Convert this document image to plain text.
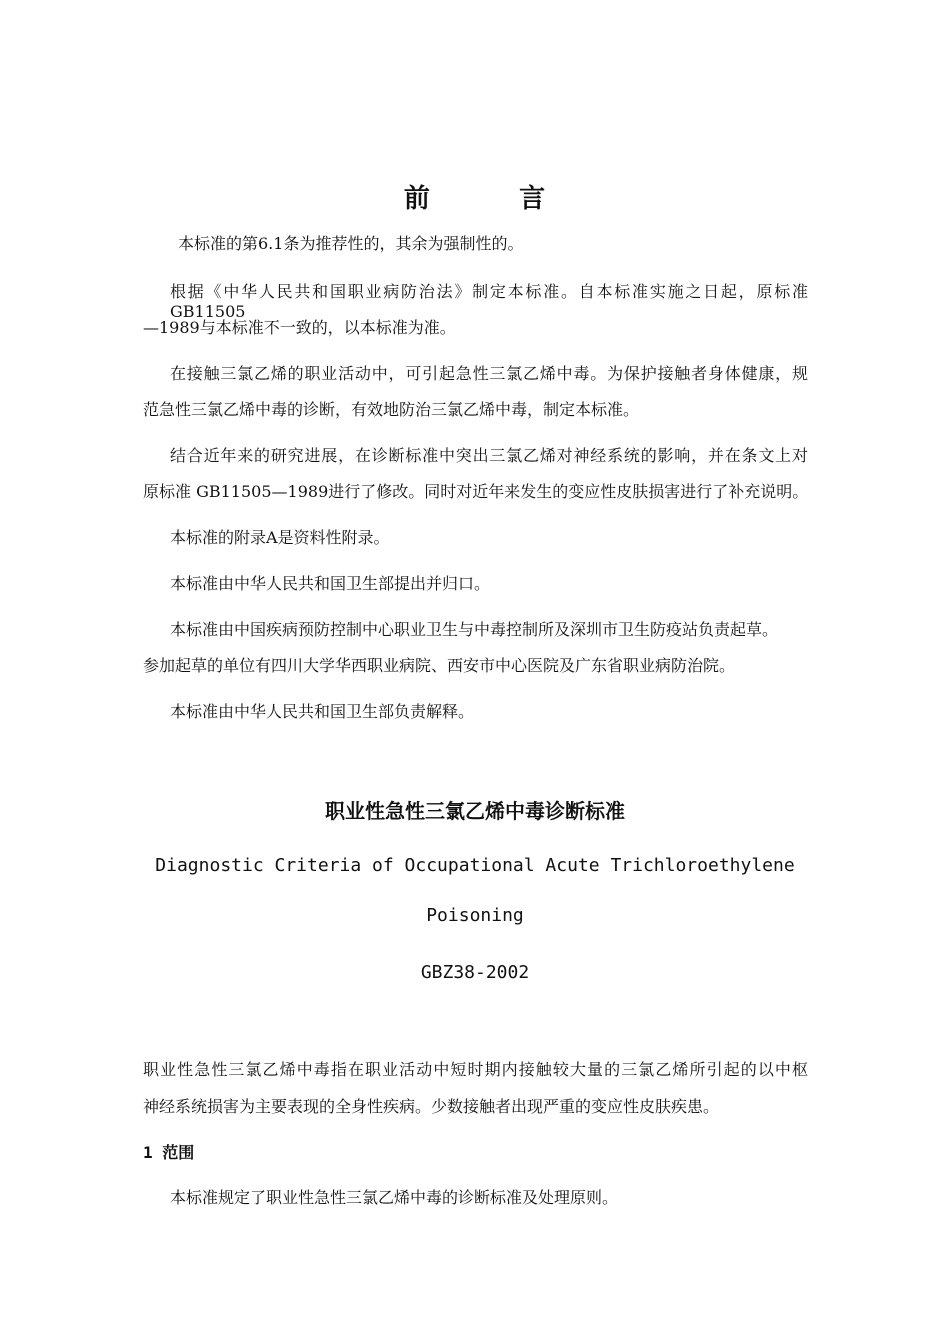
前	言
本标准的第6.1条为推荐性的，其余为强制性的。
根据《中华人民共和国职业病防治法》制定本标准。自本标准实施之日起，原标准GB11505
—1989与本标准不一致的，以本标准为准。
在接触三氯乙烯的职业活动中，可引起急性三氯乙烯中毒。为保护接触者身体健康，规
范急性三氯乙烯中毒的诊断，有效地防治三氯乙烯中毒，制定本标准。
结合近年来的研究进展，在诊断标准中突出三氯乙烯对神经系统的影响，并在条文上对
原标准 GB11505—1989进行了修改。同时对近年来发生的变应性皮肤损害进行了补充说明。
本标准的附录A是资料性附录。
本标准由中华人民共和国卫生部提出并归口。
本标准由中国疾病预防控制中心职业卫生与中毒控制所及深圳市卫生防疫站负责起草。
参加起草的单位有四川大学华西职业病院、西安市中心医院及广东省职业病防治院。
本标准由中华人民共和国卫生部负责解释。
职业性急性三氯乙烯中毒诊断标准
Diagnostic Criteria of Occupational Acute Trichloroethylene
Poisoning
GBZ38-2002
职业性急性三氯乙烯中毒指在职业活动中短时期内接触较大量的三氯乙烯所引起的以中枢
神经系统损害为主要表现的全身性疾病。少数接触者出现严重的变应性皮肤疾患。
1 范围
本标准规定了职业性急性三氯乙烯中毒的诊断标准及处理原则。
